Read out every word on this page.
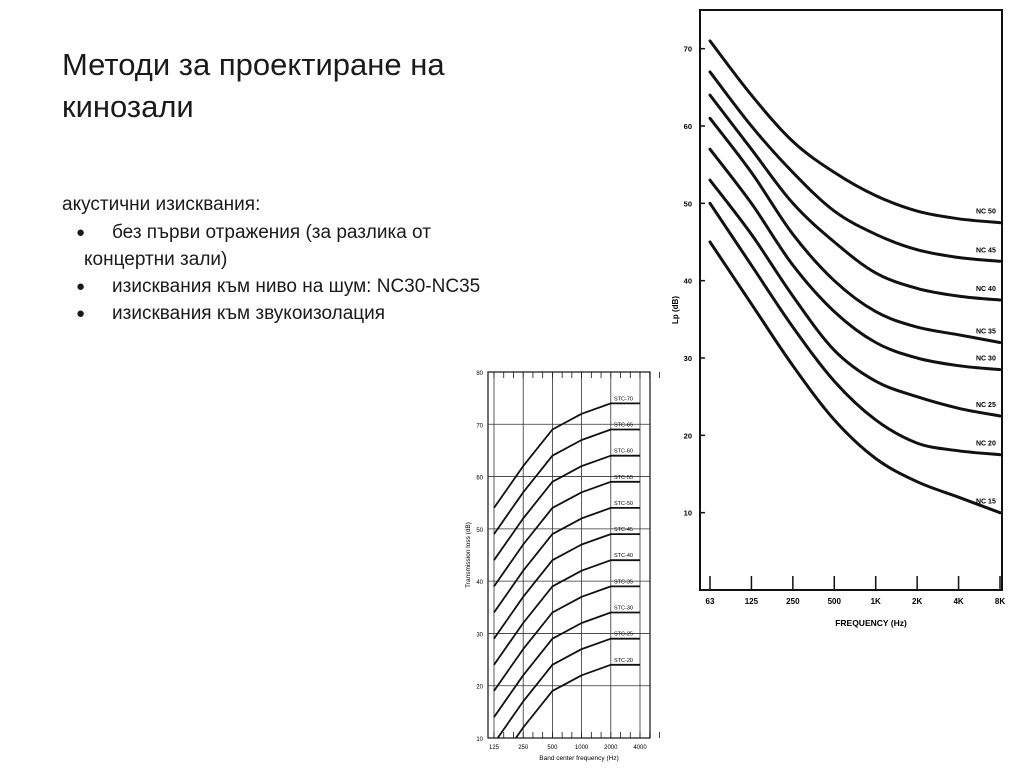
Методи за проектиране на кинозали
акустични изисквания:
● без първи отражения (за разлика от
концертни зали)
● изисквания към ниво на шум: NC30-NC35
● изисквания към звукоизолация
10
20
30
40
50
60
70
63	125	250	500	1K	2K	4K	8K
FREQUENCY (Hz)
Lp (dB)
NC 50
NC 45
NC 40
NC 35
NC 30
NC 25
NC 20
NC 15
10
20
30
40
50
60
70
80
125	250	500	1000	2000	4000
Band center frequency (Hz)
Transmission loss (dB)
STC-70
STC-65
STC-60
STC-55
STC-50
STC-45
STC-40
STC-35
STC-30
STC-25
STC-20
